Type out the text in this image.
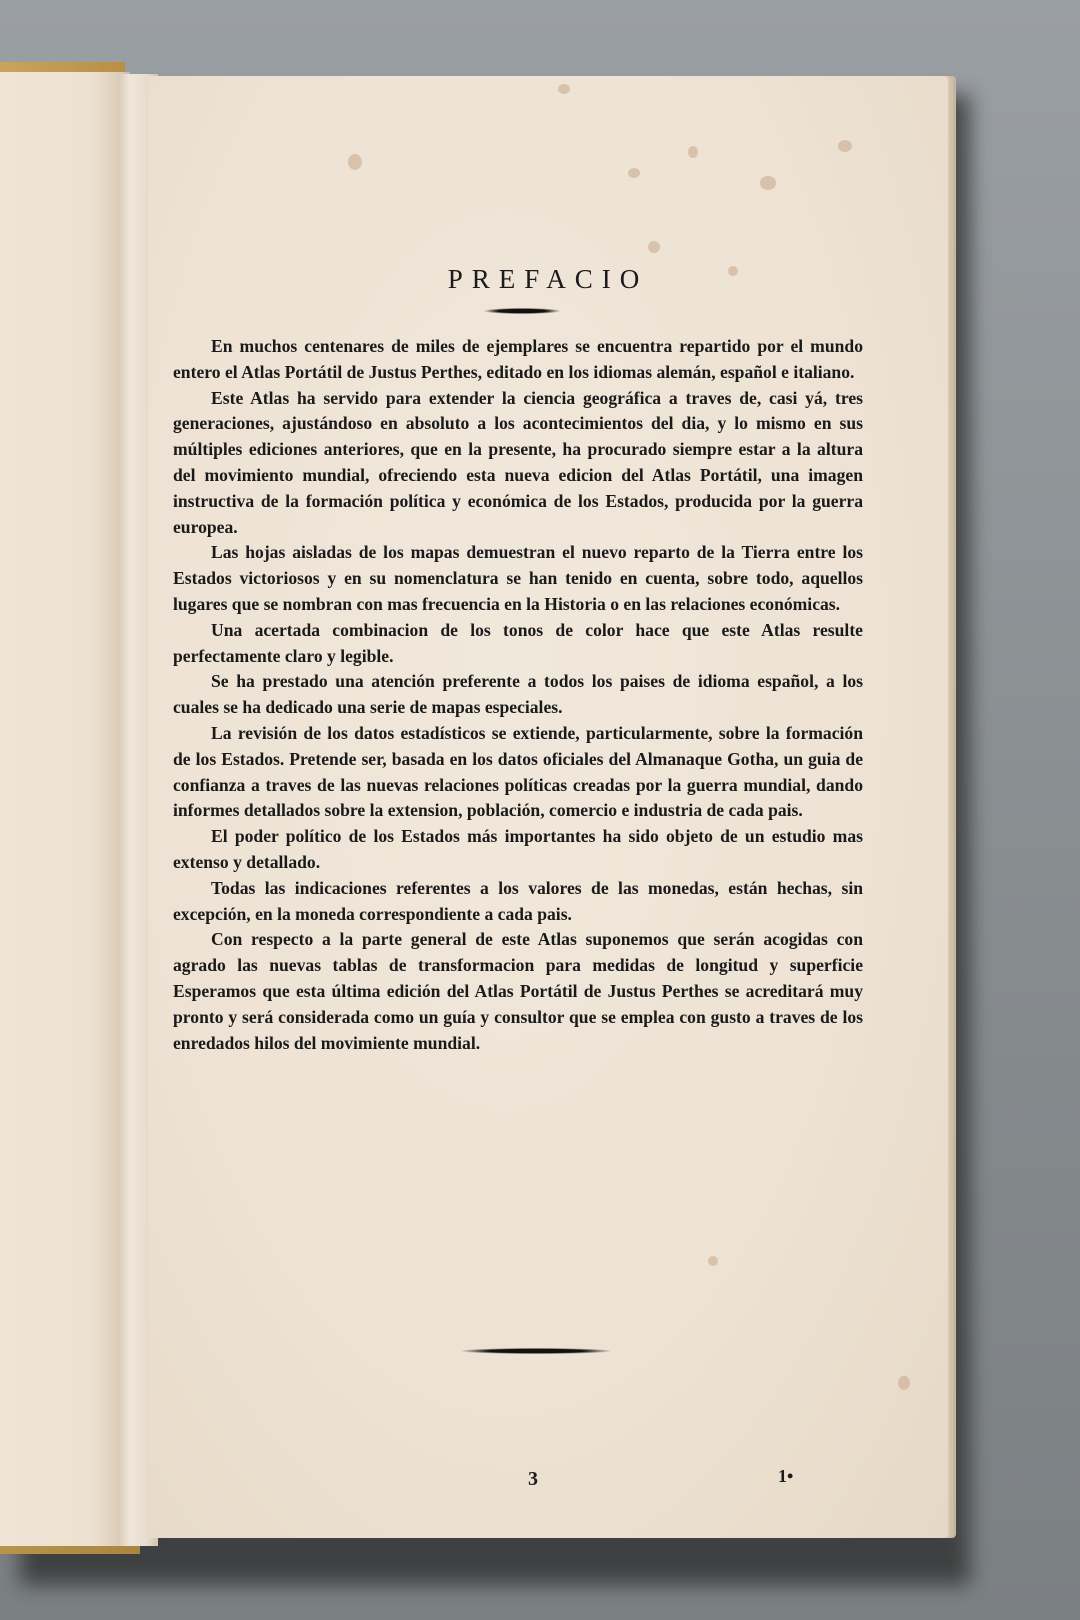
PREFACIO

En muchos centenares de miles de ejemplares se encuentra repartido por el mundo entero el Atlas Portátil de Justus Perthes, editado en los idiomas alemán, español e italiano.

Este Atlas ha servido para extender la ciencia geográfica a traves de, casi yá, tres generaciones, ajustándoso en absoluto a los acontecimientos del dia, y lo mismo en sus múltiples ediciones anteriores, que en la presente, ha procurado siempre estar a la altura del movimiento mundial, ofreciendo esta nueva edicion del Atlas Portátil, una imagen instructiva de la formación política y económica de los Estados, producida por la guerra europea.

Las hojas aisladas de los mapas demuestran el nuevo reparto de la Tierra entre los Estados victoriosos y en su nomenclatura se han tenido en cuenta, sobre todo, aquellos lugares que se nombran con mas frecuencia en la Historia o en las relaciones económicas.

Una acertada combinacion de los tonos de color hace que este Atlas resulte perfectamente claro y legible.

Se ha prestado una atención preferente a todos los paises de idioma español, a los cuales se ha dedicado una serie de mapas especiales.

La revisión de los datos estadísticos se extiende, particularmente, sobre la formación de los Estados. Pretende ser, basada en los datos oficiales del Almanaque Gotha, un guia de confianza a traves de las nuevas relaciones políticas creadas por la guerra mundial, dando informes detallados sobre la extension, población, comercio e industria de cada pais.

El poder político de los Estados más importantes ha sido objeto de un estudio mas extenso y detallado.

Todas las indicaciones referentes a los valores de las monedas, están hechas, sin excepción, en la moneda correspondiente a cada pais.

Con respecto a la parte general de este Atlas suponemos que serán acogidas con agrado las nuevas tablas de transformacion para medidas de longitud y superficie Esperamos que esta última edición del Atlas Portátil de Justus Perthes se acreditará muy pronto y será considerada como un guía y consultor que se emplea con gusto a traves de los enredados hilos del movimiente mundial.

3	1•
